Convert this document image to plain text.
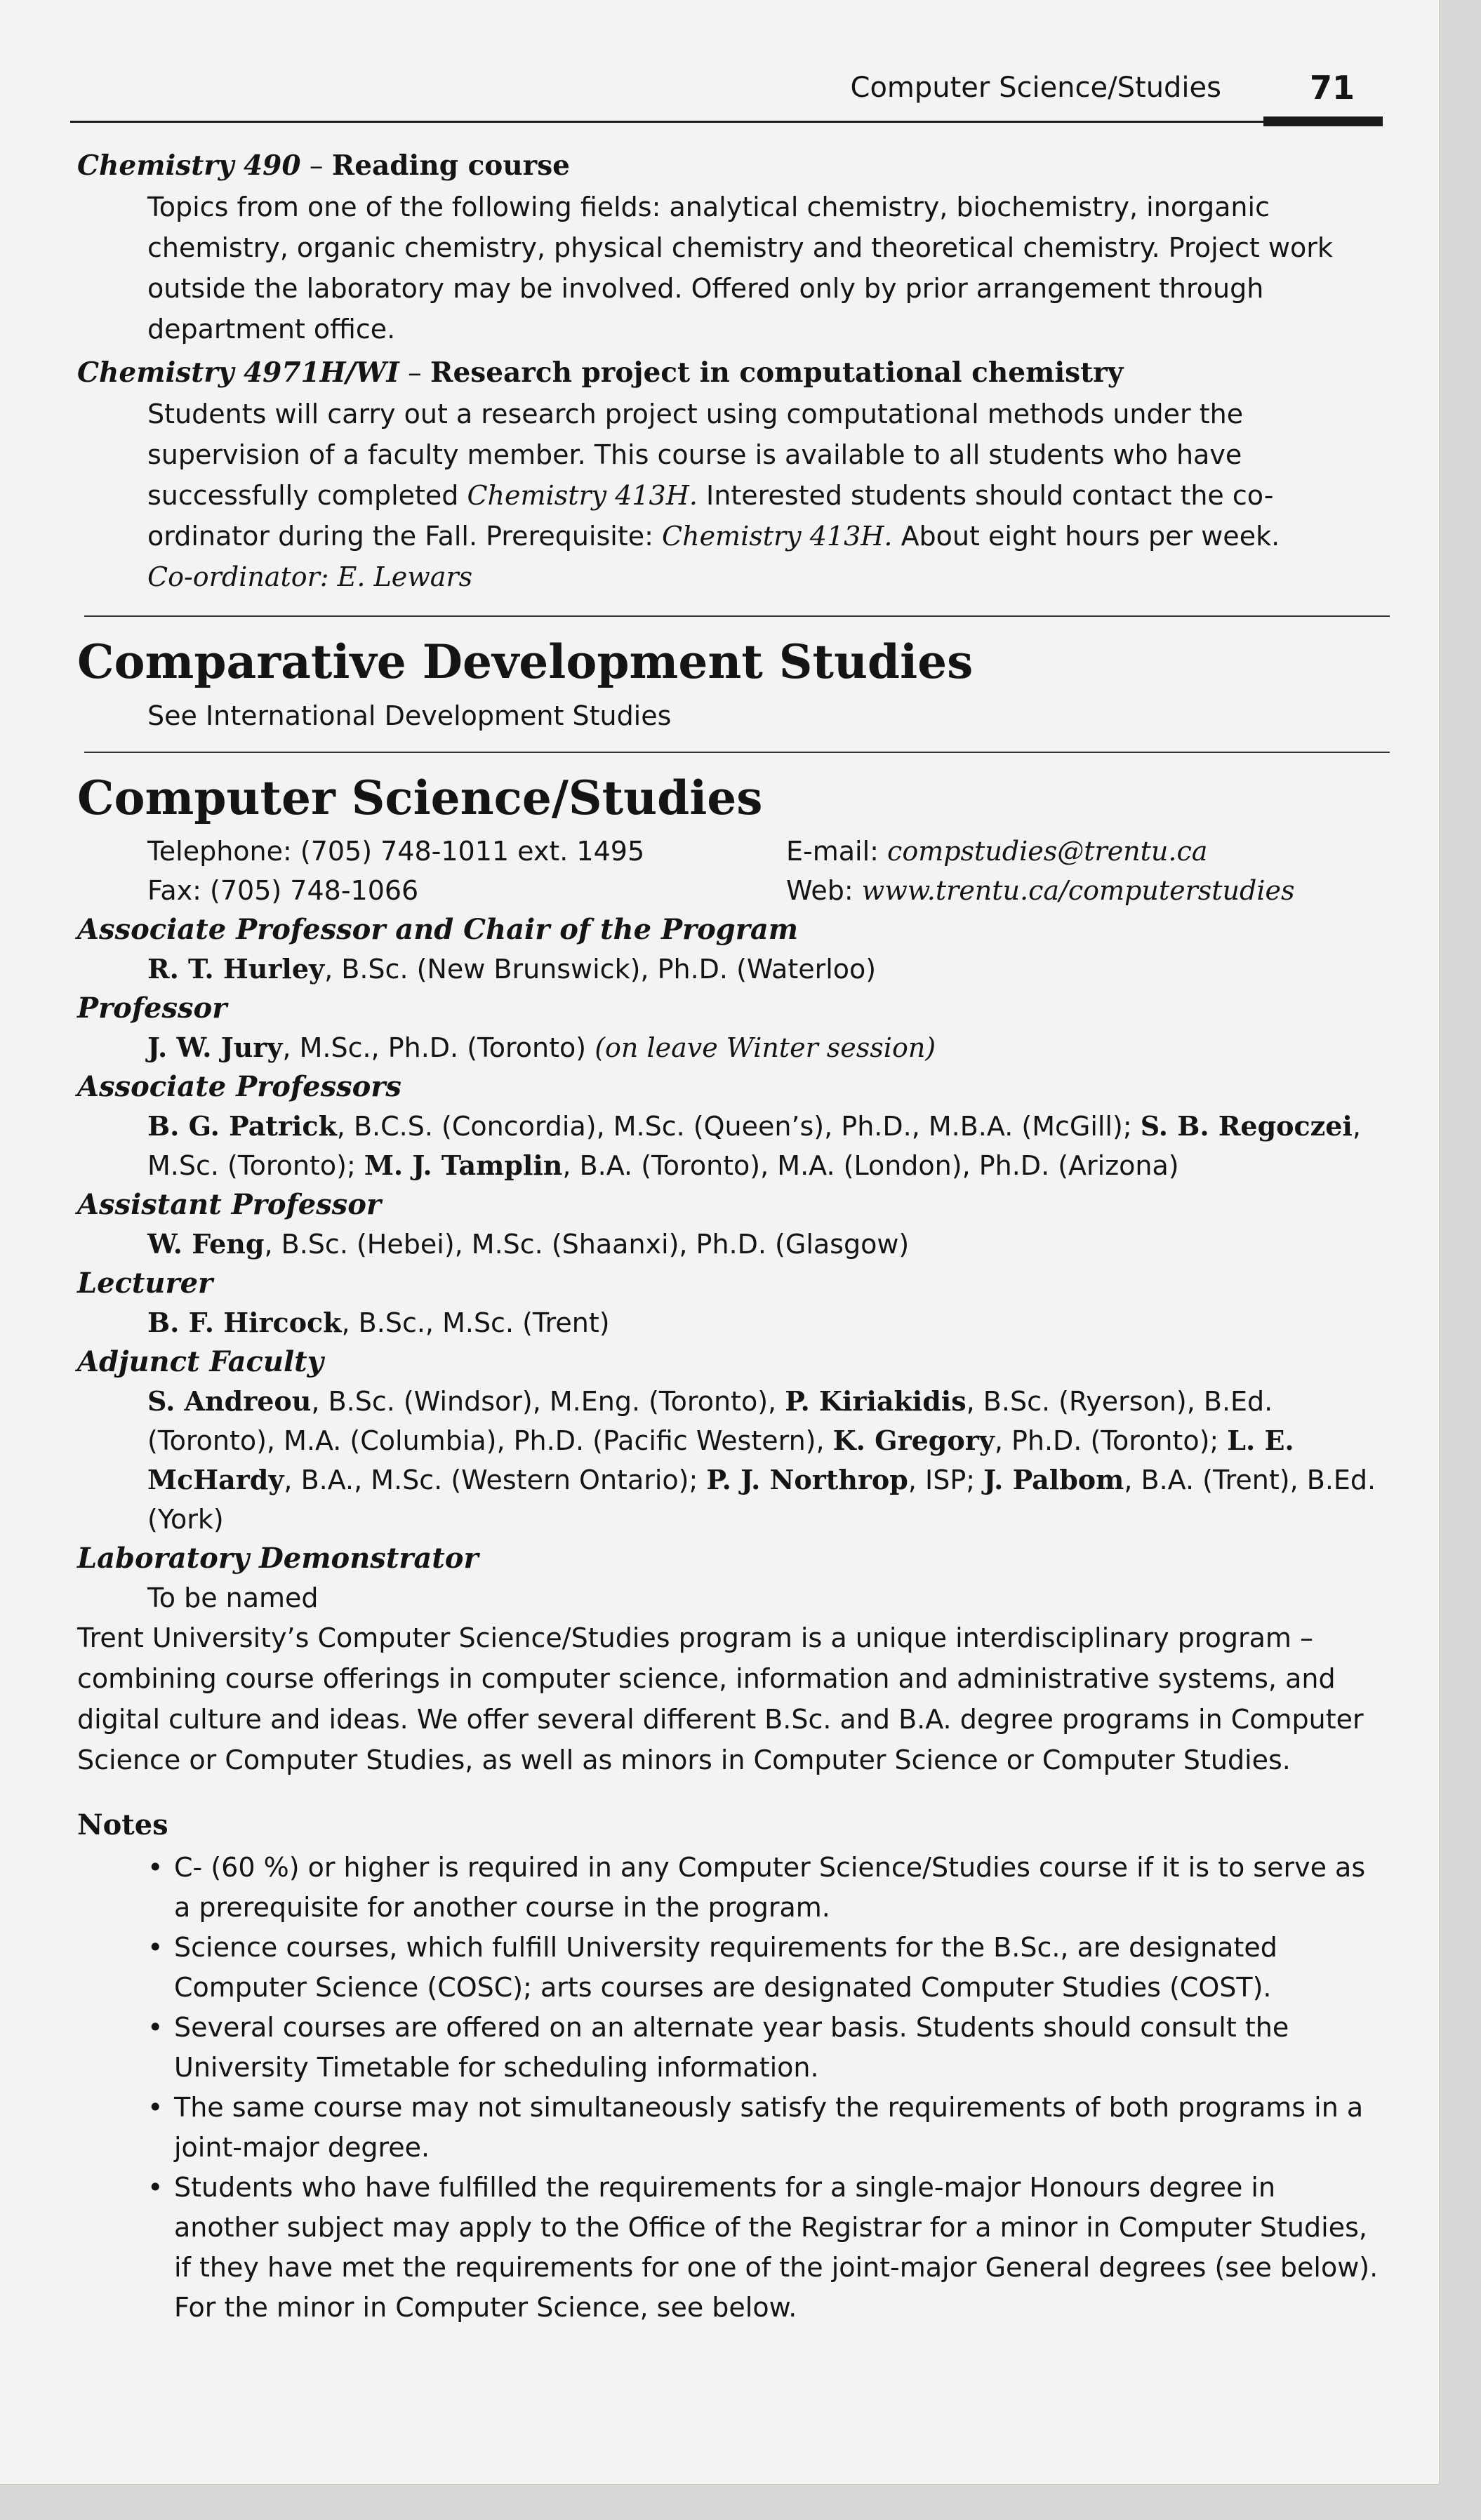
Computer Science/Studies	71
Chemistry 490 – Reading course
Topics from one of the following fields: analytical chemistry, biochemistry, inorganic chemistry, organic chemistry, physical chemistry and theoretical chemistry. Project work outside the laboratory may be involved. Offered only by prior arrangement through department office.
Chemistry 4971H/WI – Research project in computational chemistry
Students will carry out a research project using computational methods under the supervision of a faculty member. This course is available to all students who have successfully completed Chemistry 413H. Interested students should contact the co-ordinator during the Fall. Prerequisite: Chemistry 413H. About eight hours per week.
Co-ordinator: E. Lewars
Comparative Development Studies
See International Development Studies
Computer Science/Studies
Telephone: (705) 748-1011 ext. 1495	E-mail: compstudies@trentu.ca
Fax: (705) 748-1066	Web: www.trentu.ca/computerstudies
Associate Professor and Chair of the Program
R. T. Hurley, B.Sc. (New Brunswick), Ph.D. (Waterloo)
Professor
J. W. Jury, M.Sc., Ph.D. (Toronto) (on leave Winter session)
Associate Professors
B. G. Patrick, B.C.S. (Concordia), M.Sc. (Queen’s), Ph.D., M.B.A. (McGill); S. B. Regoczei, M.Sc. (Toronto); M. J. Tamplin, B.A. (Toronto), M.A. (London), Ph.D. (Arizona)
Assistant Professor
W. Feng, B.Sc. (Hebei), M.Sc. (Shaanxi), Ph.D. (Glasgow)
Lecturer
B. F. Hircock, B.Sc., M.Sc. (Trent)
Adjunct Faculty
S. Andreou, B.Sc. (Windsor), M.Eng. (Toronto), P. Kiriakidis, B.Sc. (Ryerson), B.Ed. (Toronto), M.A. (Columbia), Ph.D. (Pacific Western), K. Gregory, Ph.D. (Toronto); L. E. McHardy, B.A., M.Sc. (Western Ontario); P. J. Northrop, ISP; J. Palbom, B.A. (Trent), B.Ed. (York)
Laboratory Demonstrator
To be named
Trent University’s Computer Science/Studies program is a unique interdisciplinary program – combining course offerings in computer science, information and administrative systems, and digital culture and ideas. We offer several different B.Sc. and B.A. degree programs in Computer Science or Computer Studies, as well as minors in Computer Science or Computer Studies.
Notes
• C- (60 %) or higher is required in any Computer Science/Studies course if it is to serve as a prerequisite for another course in the program.
• Science courses, which fulfill University requirements for the B.Sc., are designated Computer Science (COSC); arts courses are designated Computer Studies (COST).
• Several courses are offered on an alternate year basis. Students should consult the University Timetable for scheduling information.
• The same course may not simultaneously satisfy the requirements of both programs in a joint-major degree.
• Students who have fulfilled the requirements for a single-major Honours degree in another subject may apply to the Office of the Registrar for a minor in Computer Studies, if they have met the requirements for one of the joint-major General degrees (see below). For the minor in Computer Science, see below.
